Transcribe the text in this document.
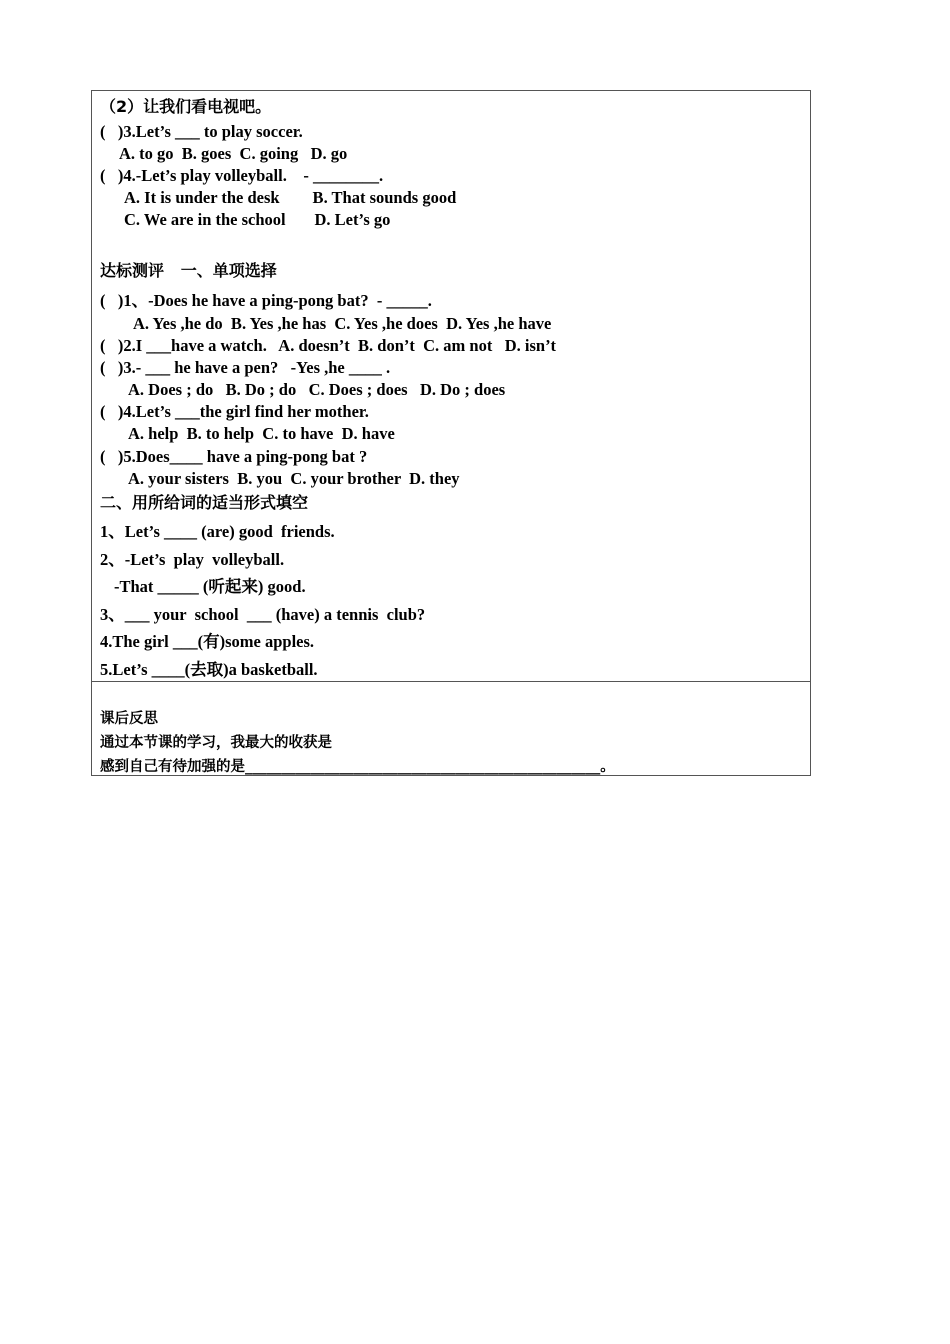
（2）让我们看电视吧。
(   )3.Let’s ___ to play soccer.
A. to go  B. goes  C. going   D. go
(   )4.-Let’s play volleyball.    - ________.
A. It is under the desk        B. That sounds good
C. We are in the school       D. Let’s go
达标测评   一、单项选择
(   )1、-Does he have a ping-pong bat?  - _____.
A. Yes ,he do  B. Yes ,he has  C. Yes ,he does  D. Yes ,he have
(   )2.I ___have a watch.   A. doesn’t  B. don’t  C. am not   D. isn’t
(   )3.- ___ he have a pen?   -Yes ,he ____ .
A. Does ; do   B. Do ; do   C. Does ; does   D. Do ; does
(   )4.Let’s ___the girl find her mother.
A. help  B. to help  C. to have  D. have
(   )5.Does____ have a ping-pong bat ?
A. your sisters  B. you  C. your brother  D. they
二、用所给词的适当形式填空
1、Let’s ____ (are) good  friends.
2、-Let’s  play  volleyball.
-That _____ (听起来) good.
3、___ your  school  ___ (have) a tennis  club?
4.The girl ___(有)some apples.
5.Let’s ____(去取)a basketball.
课后反思
通过本节课的学习，我最大的收获是
感到自己有待加强的是_________________________________________________。
